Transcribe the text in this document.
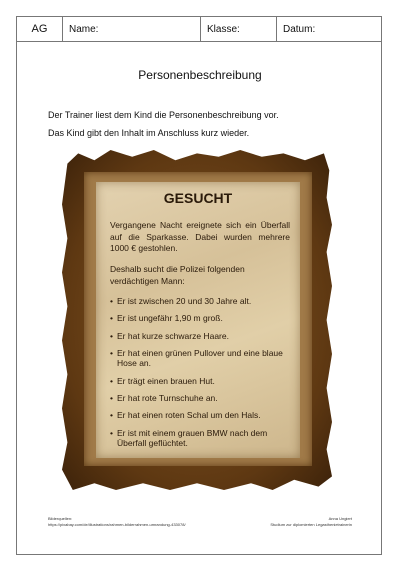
AG	Name:	Klasse:	Datum:
Personenbeschreibung
Der Trainer liest dem Kind die Personenbeschreibung vor.
Das Kind gibt den Inhalt im Anschluss kurz wieder.
GESUCHT
Vergangene Nacht ereignete sich ein Überfall auf die Sparkasse. Dabei wurden mehrere 1000 € gestohlen.
Deshalb sucht die Polizei folgenden verdächtigen Mann:
• Er ist zwischen 20 und 30 Jahre alt.
• Er ist ungefähr 1,90 m groß.
• Er hat kurze schwarze Haare.
• Er hat einen grünen Pullover und eine blaue Hose an.
• Er trägt einen brauen Hut.
• Er hat rote Turnschuhe an.
• Er hat einen roten Schal um den Hals.
• Er ist mit einem grauen BMW nach dem Überfall geflüchtet.
Bilderquellen:
https://pixabay.com/de/illustrations/rahmen-bilderrahmen-umrandung-433078/
Anna Ungiert
Studium zur diplomierten Legasthenietrainerin
